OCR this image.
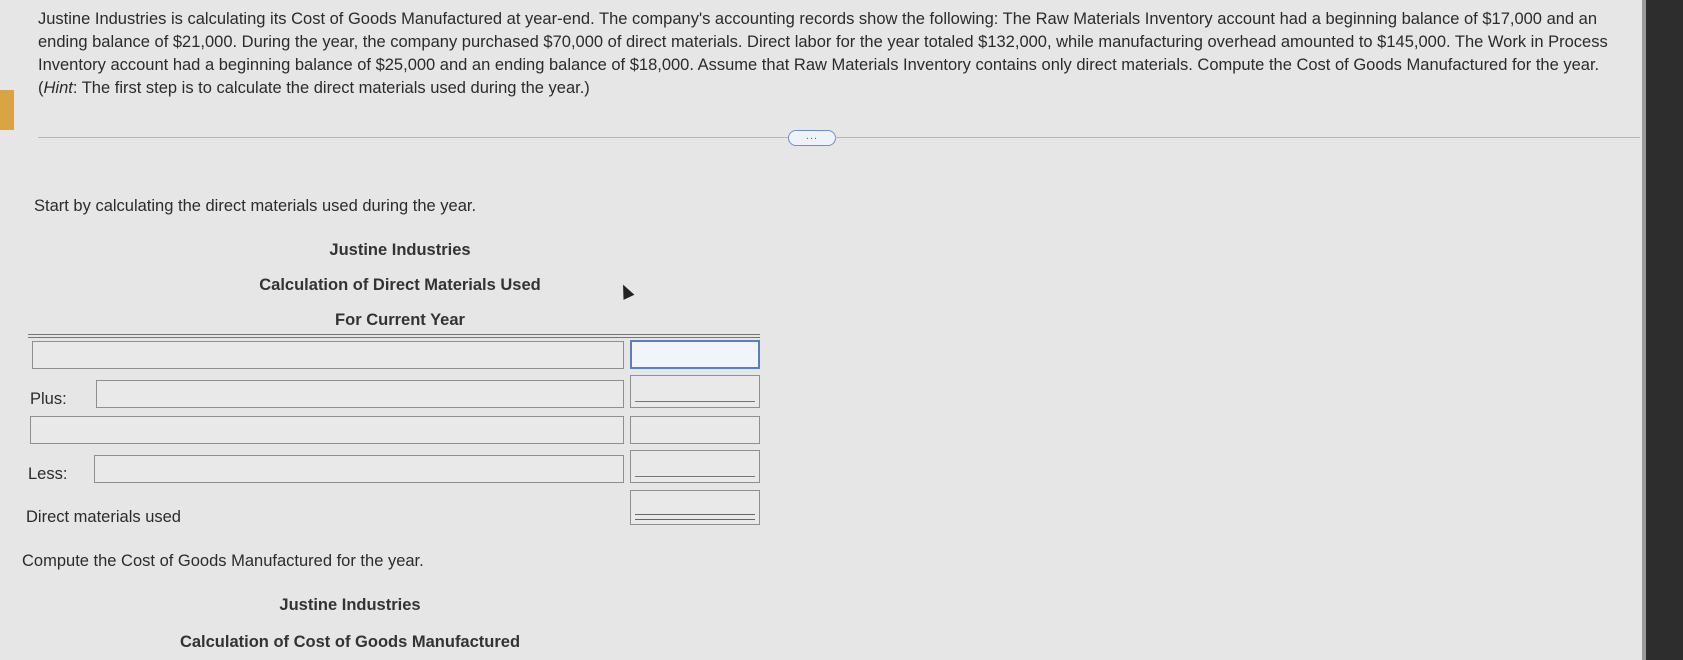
Justine Industries is calculating its Cost of Goods Manufactured at year-end. The company's accounting records show the following: The Raw Materials Inventory account had a beginning balance of $17,000 and an ending balance of $21,000. During the year, the company purchased $70,000 of direct materials. Direct labor for the year totaled $132,000, while manufacturing overhead amounted to $145,000. The Work in Process Inventory account had a beginning balance of $25,000 and an ending balance of $18,000. Assume that Raw Materials Inventory contains only direct materials. Compute the Cost of Goods Manufactured for the year. (Hint: The first step is to calculate the direct materials used during the year.)
...
Start by calculating the direct materials used during the year.
Justine Industries
Calculation of Direct Materials Used
For Current Year
Plus:
Less:
Direct materials used
Compute the Cost of Goods Manufactured for the year.
Justine Industries
Calculation of Cost of Goods Manufactured
